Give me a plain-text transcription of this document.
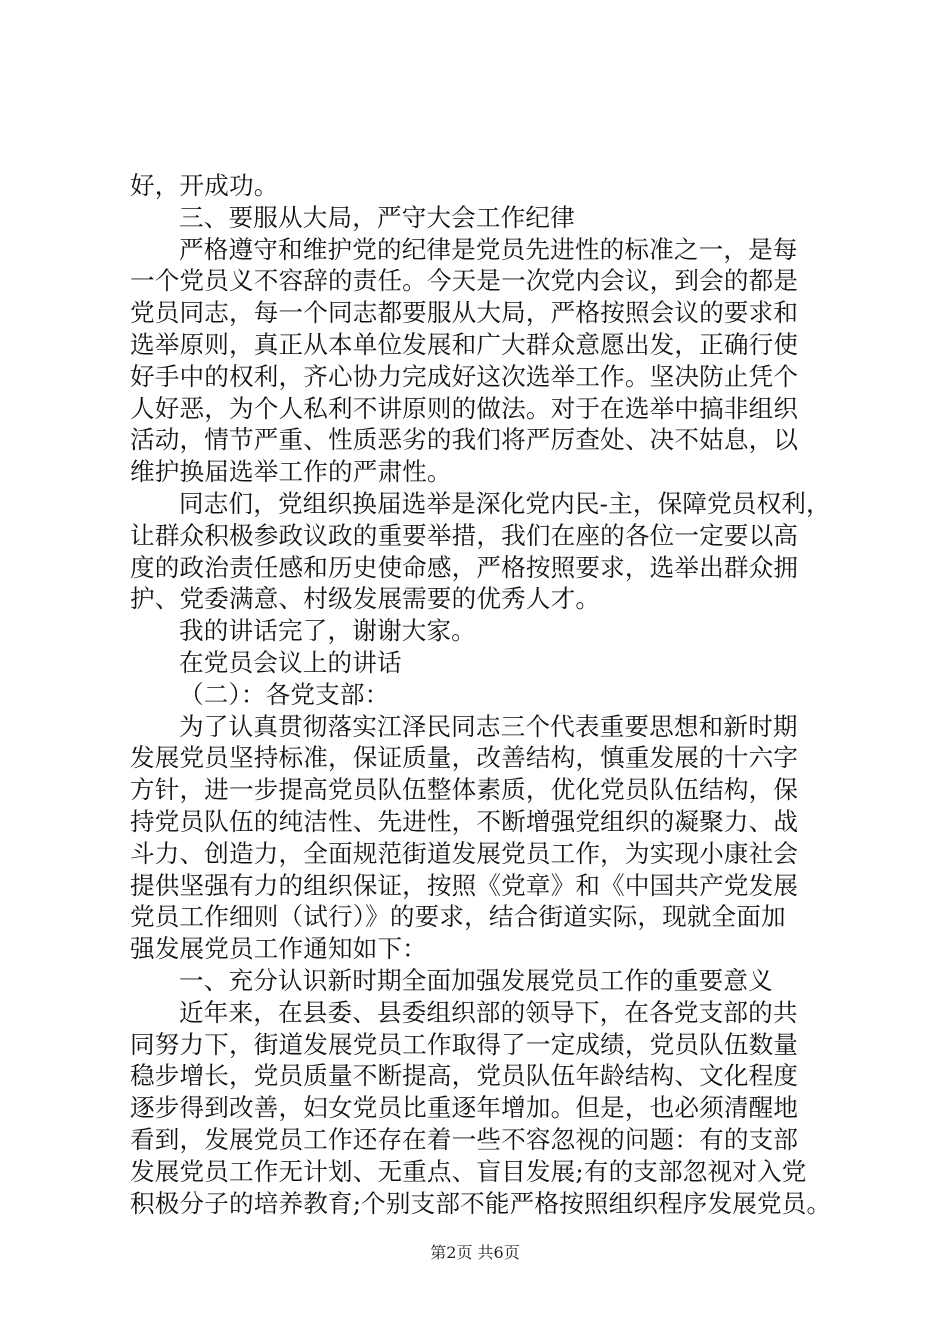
好，开成功。
三、要服从大局，严守大会工作纪律
严格遵守和维护党的纪律是党员先进性的标准之一，是每
一个党员义不容辞的责任。今天是一次党内会议，到会的都是
党员同志，每一个同志都要服从大局，严格按照会议的要求和
选举原则，真正从本单位发展和广大群众意愿出发，正确行使
好手中的权利，齐心协力完成好这次选举工作。坚决防止凭个
人好恶，为个人私利不讲原则的做法。对于在选举中搞非组织
活动，情节严重、性质恶劣的我们将严厉查处、决不姑息，以
维护换届选举工作的严肃性。
同志们，党组织换届选举是深化党内民-主，保障党员权利，
让群众积极参政议政的重要举措，我们在座的各位一定要以高
度的政治责任感和历史使命感，严格按照要求，选举出群众拥
护、党委满意、村级发展需要的优秀人才。
我的讲话完了，谢谢大家。
在党员会议上的讲话
（二）：各党支部：
为了认真贯彻落实江泽民同志三个代表重要思想和新时期
发展党员坚持标准，保证质量，改善结构，慎重发展的十六字
方针，进一步提高党员队伍整体素质，优化党员队伍结构，保
持党员队伍的纯洁性、先进性，不断增强党组织的凝聚力、战
斗力、创造力，全面规范街道发展党员工作，为实现小康社会
提供坚强有力的组织保证，按照《党章》和《中国共产党发展
党员工作细则（试行）》的要求，结合街道实际，现就全面加
强发展党员工作通知如下：
一、充分认识新时期全面加强发展党员工作的重要意义
近年来，在县委、县委组织部的领导下，在各党支部的共
同努力下，街道发展党员工作取得了一定成绩，党员队伍数量
稳步增长，党员质量不断提高，党员队伍年龄结构、文化程度
逐步得到改善，妇女党员比重逐年增加。但是，也必须清醒地
看到，发展党员工作还存在着一些不容忽视的问题：有的支部
发展党员工作无计划、无重点、盲目发展;有的支部忽视对入党
积极分子的培养教育;个别支部不能严格按照组织程序发展党员。
第2页 共6页
